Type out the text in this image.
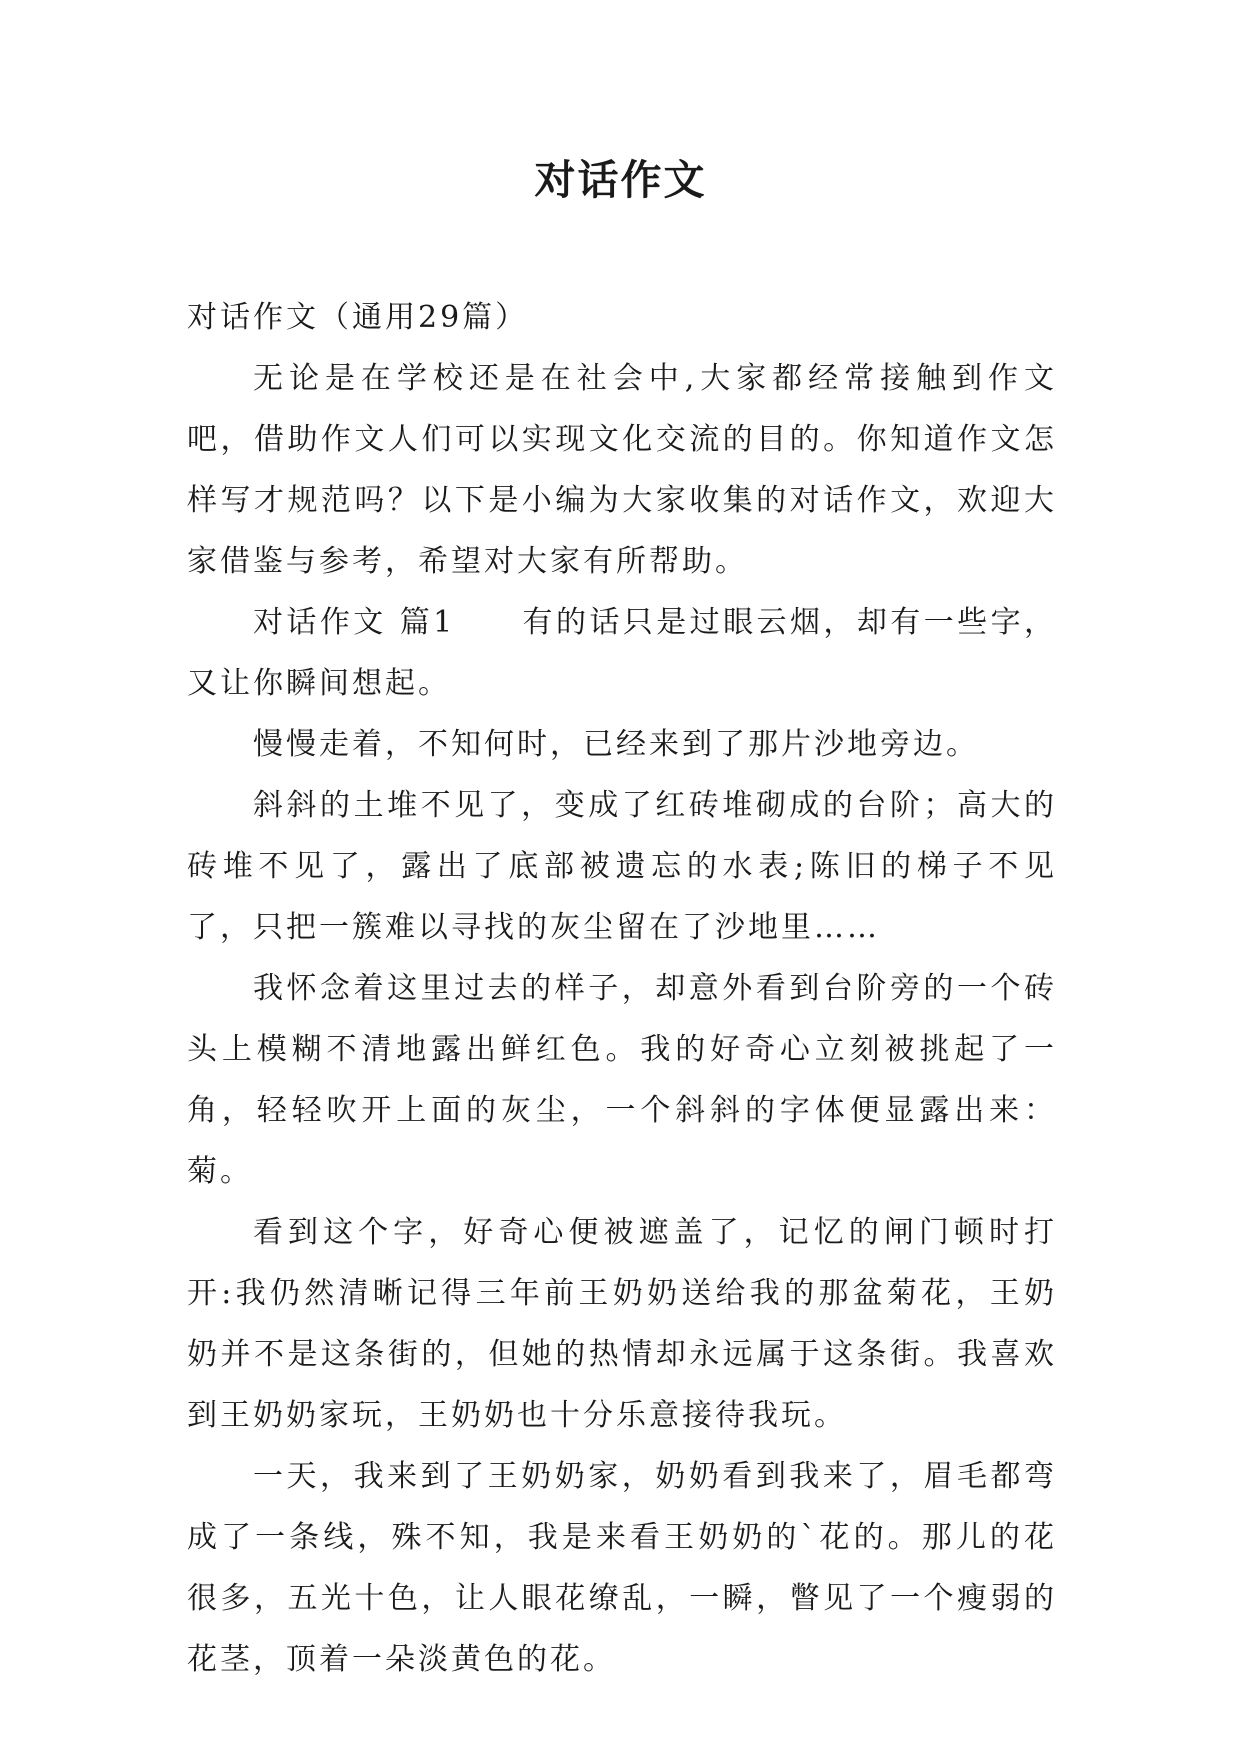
对话作文

对话作文（通用29篇）

无论是在学校还是在社会中,大家都经常接触到作文吧，借助作文人们可以实现文化交流的目的。你知道作文怎样写才规范吗？以下是小编为大家收集的对话作文，欢迎大家借鉴与参考，希望对大家有所帮助。

对话作文 篇1　　有的话只是过眼云烟，却有一些字，又让你瞬间想起。

慢慢走着，不知何时，已经来到了那片沙地旁边。

斜斜的土堆不见了，变成了红砖堆砌成的台阶；高大的砖堆不见了，露出了底部被遗忘的水表;陈旧的梯子不见了，只把一簇难以寻找的灰尘留在了沙地里……

我怀念着这里过去的样子，却意外看到台阶旁的一个砖头上模糊不清地露出鲜红色。我的好奇心立刻被挑起了一角，轻轻吹开上面的灰尘，一个斜斜的字体便显露出来：菊。

看到这个字，好奇心便被遮盖了，记忆的闸门顿时打开:我仍然清晰记得三年前王奶奶送给我的那盆菊花，王奶奶并不是这条街的，但她的热情却永远属于这条街。我喜欢到王奶奶家玩，王奶奶也十分乐意接待我玩。

一天，我来到了王奶奶家，奶奶看到我来了，眉毛都弯成了一条线，殊不知，我是来看王奶奶的`花的。那儿的花很多，五光十色，让人眼花缭乱，一瞬，瞥见了一个瘦弱的花茎，顶着一朵淡黄色的花。
